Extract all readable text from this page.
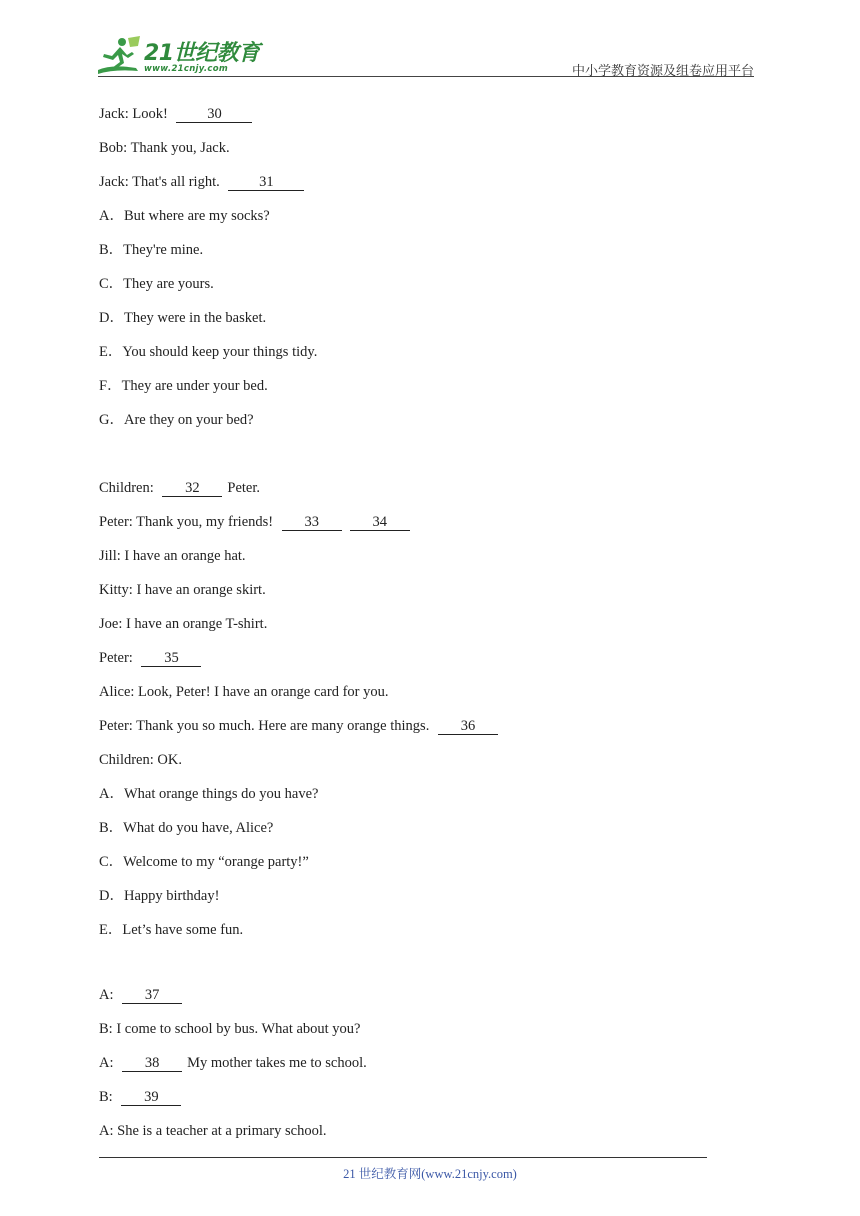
21世纪教育
www.21cnjy.com	中小学教育资源及组卷应用平台
Jack: Look! 30
Bob: Thank you, Jack.
Jack: That's all right. 31
A．But where are my socks?
B．They're mine.
C．They are yours.
D．They were in the basket.
E．You should keep your things tidy.
F．They are under your bed.
G．Are they on your bed?
Children: 32 Peter.
Peter: Thank you, my friends! 33	34
Jill: I have an orange hat.
Kitty: I have an orange skirt.
Joe: I have an orange T-shirt.
Peter: 35
Alice: Look, Peter! I have an orange card for you.
Peter: Thank you so much. Here are many orange things. 36
Children: OK.
A．What orange things do you have?
B．What do you have, Alice?
C．Welcome to my “orange party!”
D．Happy birthday!
E．Let’s have some fun.
A: 37
B: I come to school by bus. What about you?
A: 38 My mother takes me to school.
B: 39
A: She is a teacher at a primary school.
21 世纪教育网(www.21cnjy.com)
